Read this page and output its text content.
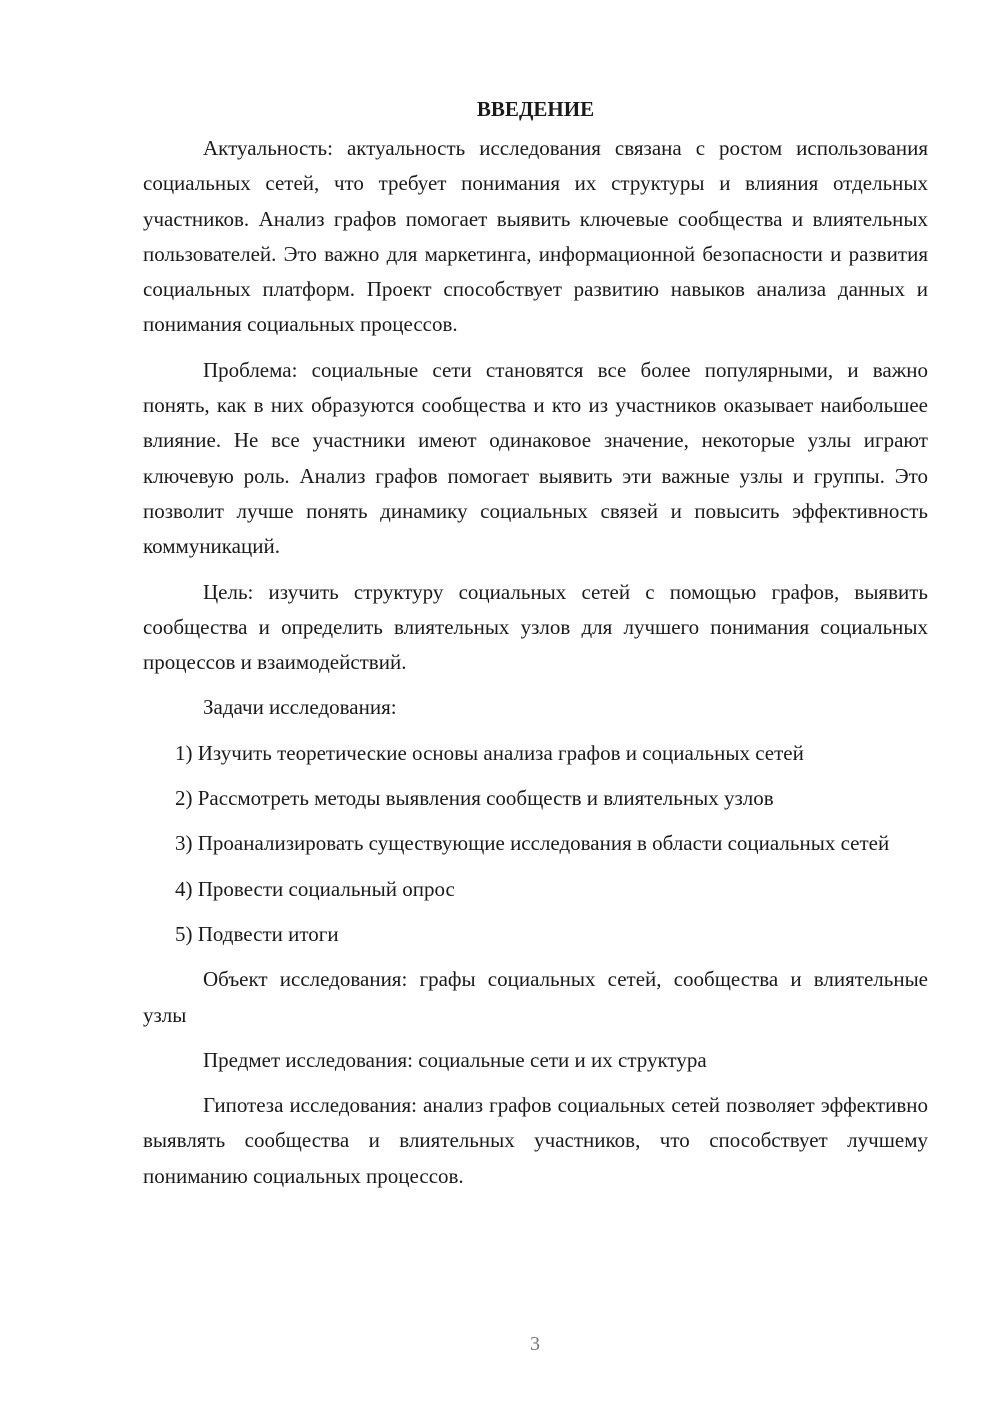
ВВЕДЕНИЕ

Актуальность: актуальность исследования связана с ростом использования социальных сетей, что требует понимания их структуры и влияния отдельных участников. Анализ графов помогает выявить ключевые сообщества и влиятельных пользователей. Это важно для маркетинга, информационной безопасности и развития социальных платформ. Проект способствует развитию навыков анализа данных и понимания социальных процессов.

Проблема: социальные сети становятся все более популярными, и важно понять, как в них образуются сообщества и кто из участников оказывает наибольшее влияние. Не все участники имеют одинаковое значение, некоторые узлы играют ключевую роль. Анализ графов помогает выявить эти важные узлы и группы. Это позволит лучше понять динамику социальных связей и повысить эффективность коммуникаций.

Цель: изучить структуру социальных сетей с помощью графов, выявить сообщества и определить влиятельных узлов для лучшего понимания социальных процессов и взаимодействий.

Задачи исследования:

1) Изучить теоретические основы анализа графов и социальных сетей

2) Рассмотреть методы выявления сообществ и влиятельных узлов

3) Проанализировать существующие исследования в области социальных сетей

4) Провести социальный опрос

5) Подвести итоги

Объект исследования: графы социальных сетей, сообщества и влиятельные узлы

Предмет исследования: социальные сети и их структура

Гипотеза исследования: анализ графов социальных сетей позволяет эффективно выявлять сообщества и влиятельных участников, что способствует лучшему пониманию социальных процессов.

3
